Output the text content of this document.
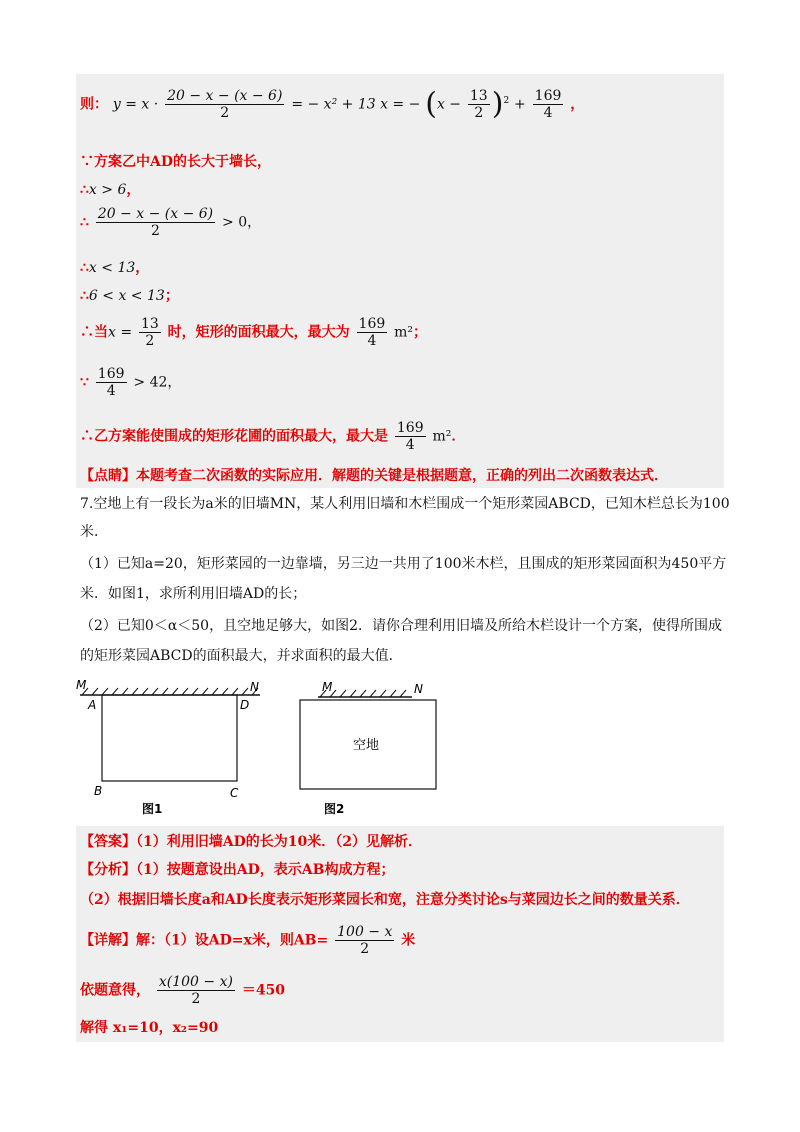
则： $y = x \cdot \frac{20 - x - (x - 6)}{2}$ = − x² + 13 x = − $(x - \frac{13}{2} )^2 + \frac{169}{4}$ ，
∵方案乙中AD的长大于墙长，
∴x > 6，
∴ $\frac{20 - x - (x - 6)}{2} > 0$，
∴x < 13，
∴6 < x < 13；
∴当$x = \frac{13}{2}$ 时，矩形的面积最大，最大为 $\frac{169}{4} m^2$；
∵ $\frac{169}{4} > 42$，
∴乙方案能使围成的矩形花圃的面积最大，最大是 $\frac{169}{4} m^2$．
【点睛】本题考查二次函数的实际应用．解题的关键是根据题意，正确的列出二次函数表达式．
7.空地上有一段长为a米的旧墙MN，某人利用旧墙和木栏围成一个矩形菜园ABCD，已知木栏总长为100
米．
（1）已知a=20，矩形菜园的一边靠墙，另三边一共用了100米木栏，且围成的矩形菜园面积为450平方
米．如图1，求所利用旧墙AD的长；
（2）已知0＜α＜50，且空地足够大，如图2．请你合理利用旧墙及所给木栏设计一个方案，使得所围成
的矩形菜园ABCD的面积最大，并求面积的最大值．
M	N
A	D
B	C
图1
M	N
空地
图2
【答案】（1）利用旧墙AD的长为10米．（2）见解析．
【分析】（1）按题意设出AD，表示AB构成方程；
（2）根据旧墙长度a和AD长度表示矩形菜园长和宽，注意分类讨论s与菜园边长之间的数量关系．
【详解】解：（1）设AD=x米，则$AB= \frac{100 - x}{2}$ 米
依题意得， $\frac{x(100 - x)}{2} =450$
解得 x₁=10，x₂=90
